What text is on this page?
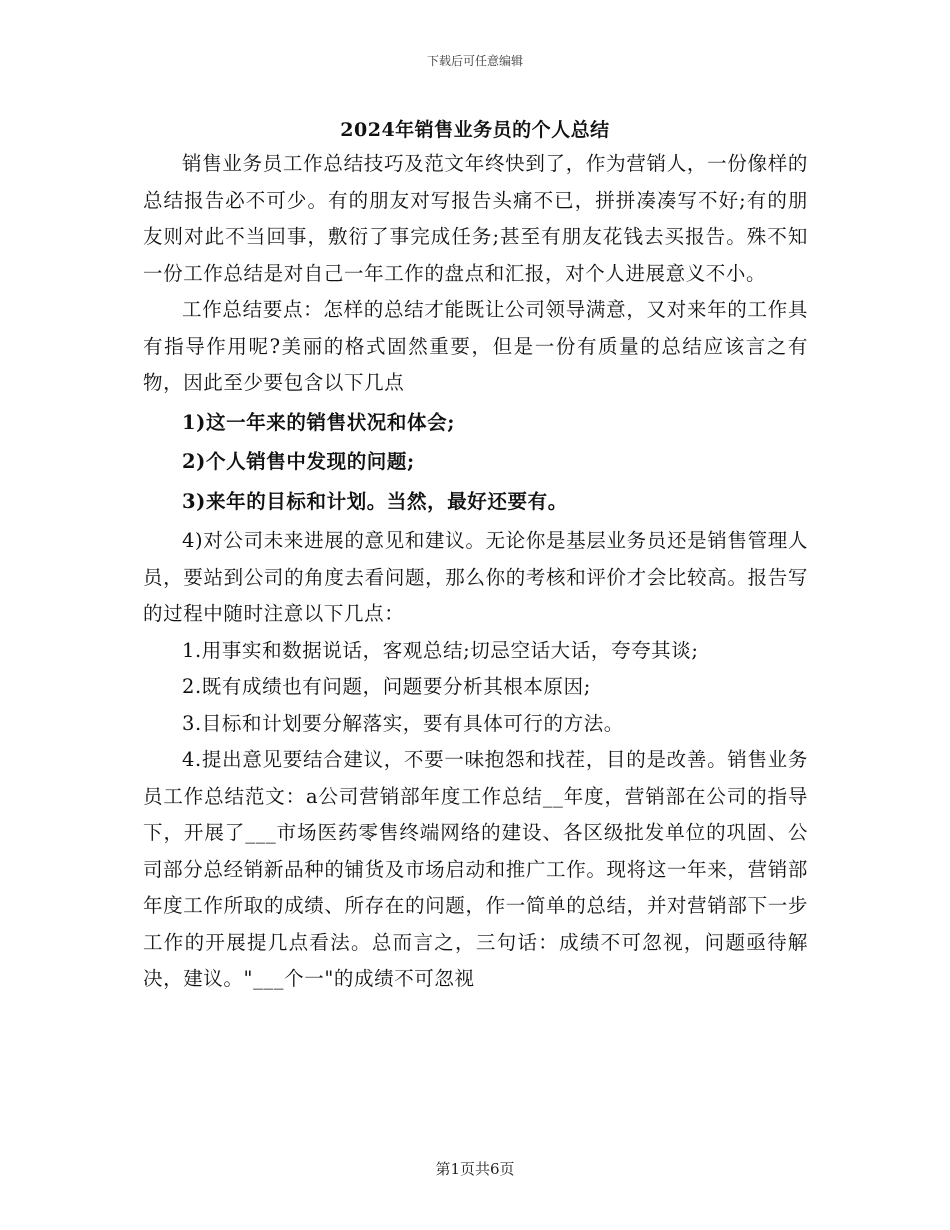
下载后可任意编辑
2024年销售业务员的个人总结

销售业务员工作总结技巧及范文年终快到了，作为营销人，一份像样的总结报告必不可少。有的朋友对写报告头痛不已，拼拼凑凑写不好;有的朋友则对此不当回事，敷衍了事完成任务;甚至有朋友花钱去买报告。殊不知一份工作总结是对自己一年工作的盘点和汇报，对个人进展意义不小。

工作总结要点：怎样的总结才能既让公司领导满意，又对来年的工作具有指导作用呢?美丽的格式固然重要，但是一份有质量的总结应该言之有物，因此至少要包含以下几点

1)这一年来的销售状况和体会;

2)个人销售中发现的问题;

3)来年的目标和计划。当然，最好还要有。

4)对公司未来进展的意见和建议。无论你是基层业务员还是销售管理人员，要站到公司的角度去看问题，那么你的考核和评价才会比较高。报告写的过程中随时注意以下几点：

1.用事实和数据说话，客观总结;切忌空话大话，夸夸其谈;

2.既有成绩也有问题，问题要分析其根本原因;

3.目标和计划要分解落实，要有具体可行的方法。

4.提出意见要结合建议，不要一味抱怨和找茬，目的是改善。销售业务员工作总结范文：a公司营销部年度工作总结__年度，营销部在公司的指导下，开展了___市场医药零售终端网络的建设、各区级批发单位的巩固、公司部分总经销新品种的铺货及市场启动和推广工作。现将这一年来，营销部年度工作所取的成绩、所存在的问题，作一简单的总结，并对营销部下一步工作的开展提几点看法。总而言之，三句话：成绩不可忽视，问题亟待解决，建议。"___个一"的成绩不可忽视

第1页共6页
